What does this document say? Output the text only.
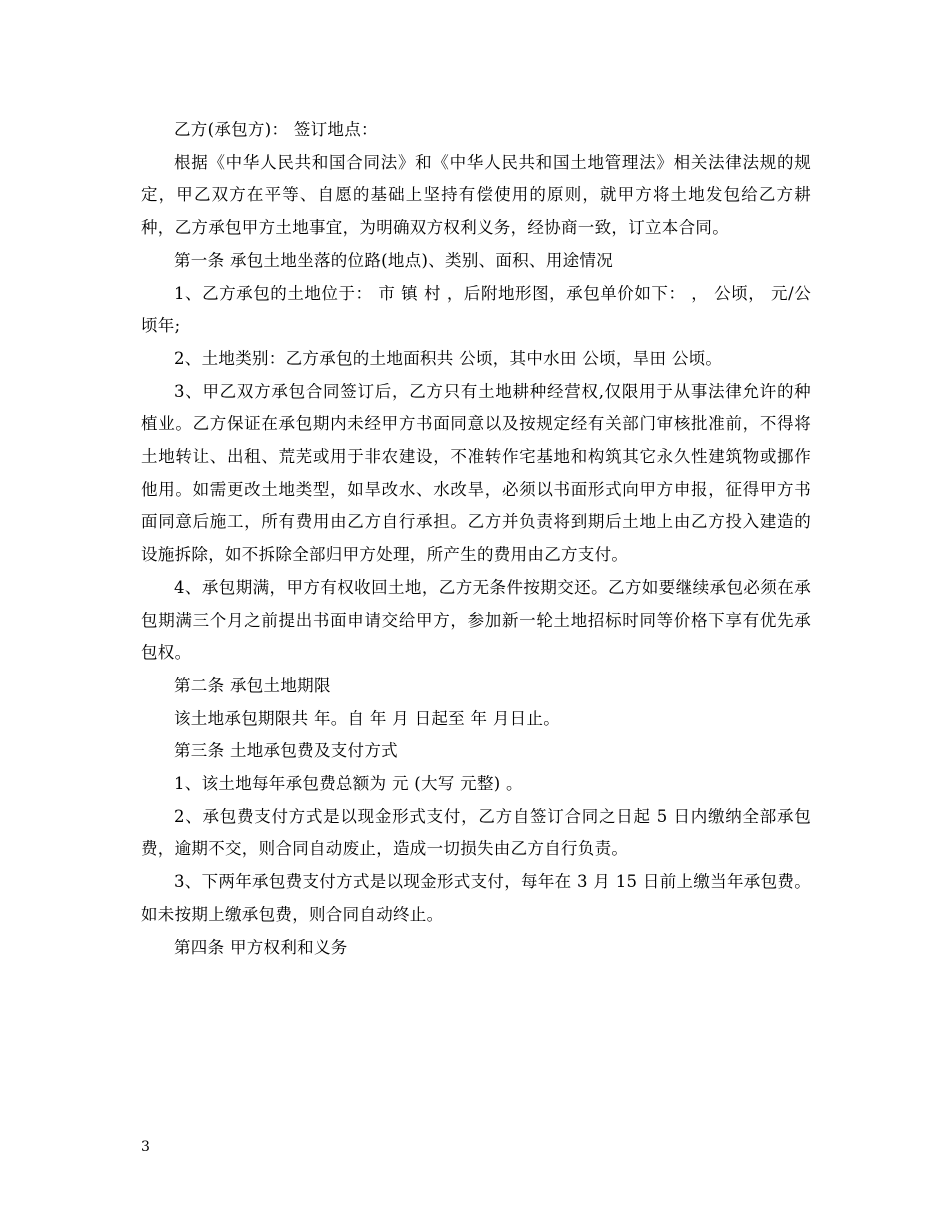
乙方(承包方)： 签订地点：

根据《中华人民共和国合同法》和《中华人民共和国土地管理法》相关法律法规的规定，甲乙双方在平等、自愿的基础上坚持有偿使用的原则，就甲方将土地发包给乙方耕种，乙方承包甲方土地事宜，为明确双方权利义务，经协商一致，订立本合同。

第一条 承包土地坐落的位路(地点)、类别、面积、用途情况

1、乙方承包的土地位于： 市 镇 村 ，后附地形图，承包单价如下： ， 公顷， 元/公顷年;

2、土地类别：乙方承包的土地面积共 公顷，其中水田 公顷，旱田 公顷。

3、甲乙双方承包合同签订后，乙方只有土地耕种经营权,仅限用于从事法律允许的种植业。乙方保证在承包期内未经甲方书面同意以及按规定经有关部门审核批准前，不得将土地转让、出租、荒芜或用于非农建设，不准转作宅基地和构筑其它永久性建筑物或挪作他用。如需更改土地类型，如旱改水、水改旱，必须以书面形式向甲方申报，征得甲方书面同意后施工，所有费用由乙方自行承担。乙方并负责将到期后土地上由乙方投入建造的设施拆除，如不拆除全部归甲方处理，所产生的费用由乙方支付。

4、承包期满，甲方有权收回土地，乙方无条件按期交还。乙方如要继续承包必须在承包期满三个月之前提出书面申请交给甲方，参加新一轮土地招标时同等价格下享有优先承包权。

第二条 承包土地期限

该土地承包期限共 年。自 年 月 日起至 年 月日止。

第三条 土地承包费及支付方式

1、该土地每年承包费总额为 元 (大写 元整) 。

2、承包费支付方式是以现金形式支付，乙方自签订合同之日起 5 日内缴纳全部承包费，逾期不交，则合同自动废止，造成一切损失由乙方自行负责。

3、下两年承包费支付方式是以现金形式支付，每年在 3 月 15 日前上缴当年承包费。如未按期上缴承包费，则合同自动终止。

第四条 甲方权利和义务

3
